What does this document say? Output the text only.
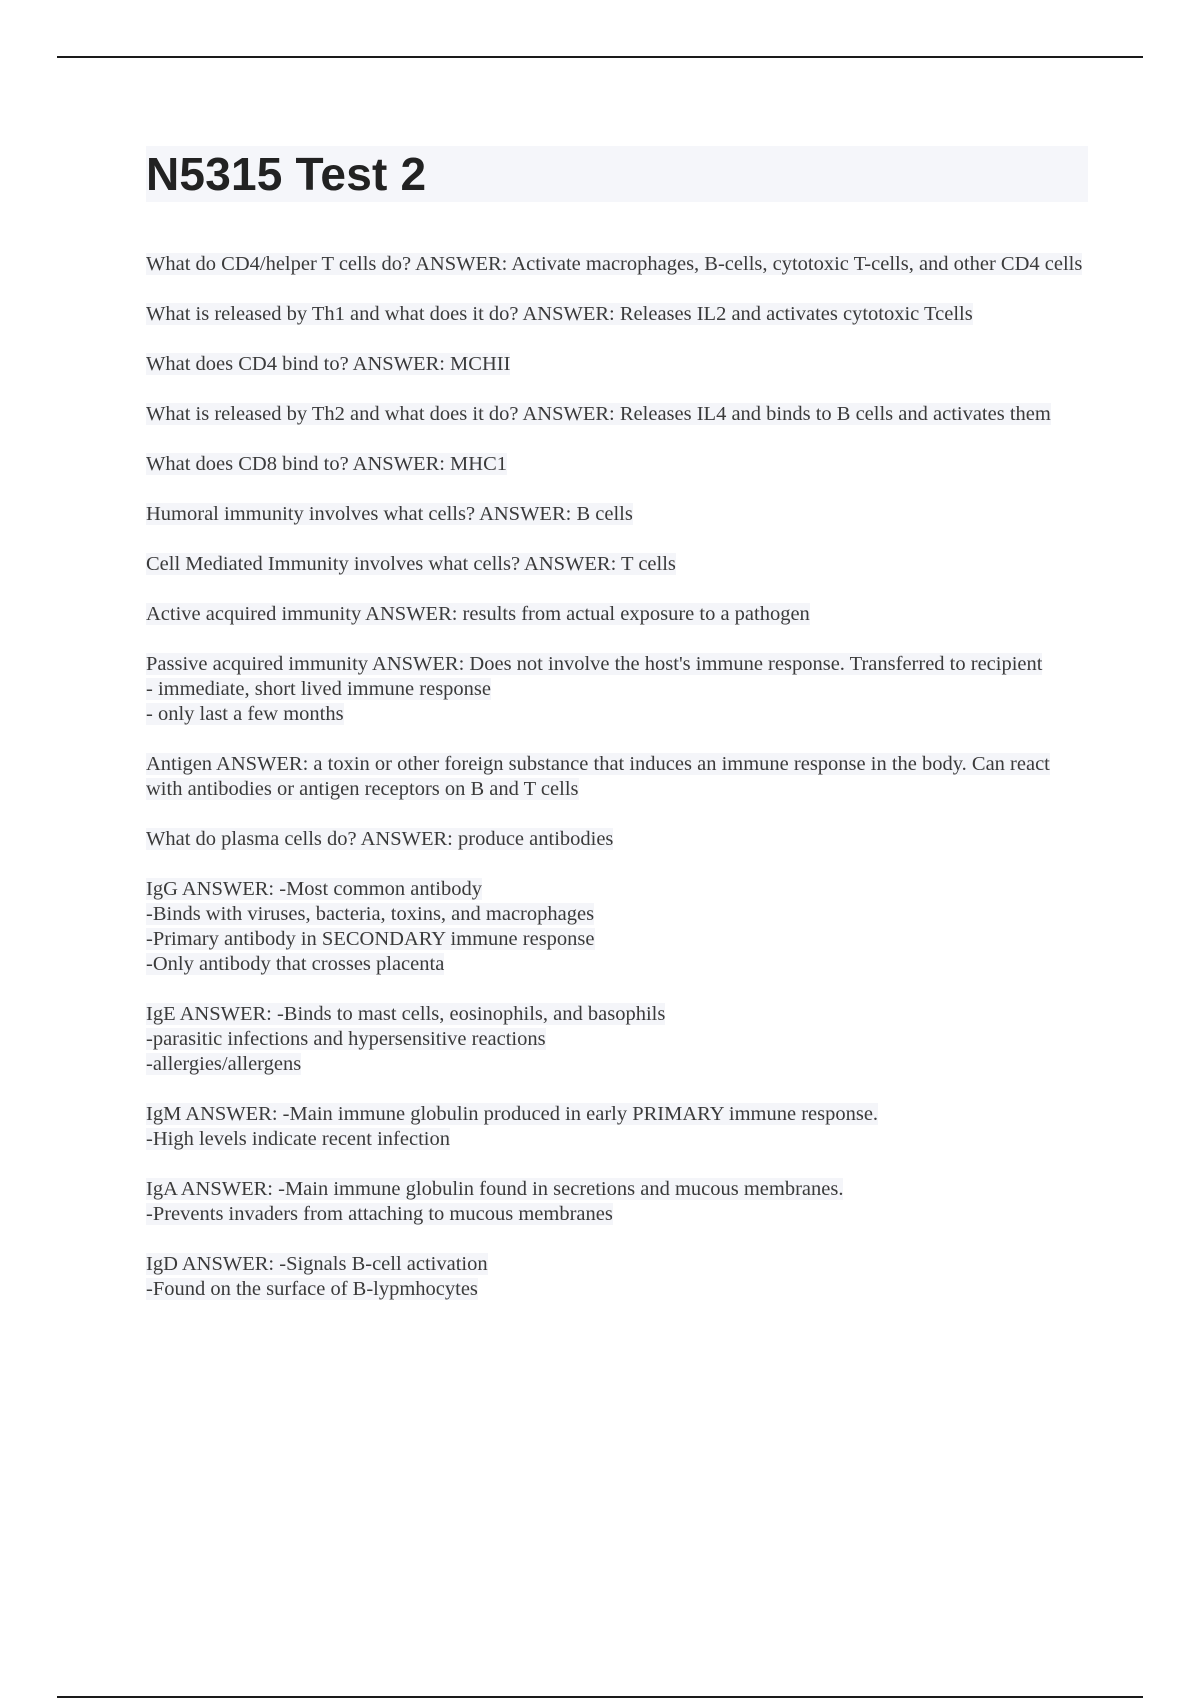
N5315 Test 2
What do CD4/helper T cells do? ANSWER: Activate macrophages, B-cells, cytotoxic T-cells, and other CD4 cells
What is released by Th1 and what does it do? ANSWER: Releases IL2 and activates cytotoxic Tcells
What does CD4 bind to? ANSWER: MCHII
What is released by Th2 and what does it do? ANSWER: Releases IL4 and binds to B cells and activates them
What does CD8 bind to? ANSWER: MHC1
Humoral immunity involves what cells? ANSWER: B cells
Cell Mediated Immunity involves what cells? ANSWER: T cells
Active acquired immunity ANSWER: results from actual exposure to a pathogen
Passive acquired immunity ANSWER: Does not involve the host's immune response. Transferred to recipient
- immediate, short lived immune response
- only last a few months
Antigen ANSWER: a toxin or other foreign substance that induces an immune response in the body. Can react with antibodies or antigen receptors on B and T cells
What do plasma cells do? ANSWER: produce antibodies
IgG ANSWER: -Most common antibody
-Binds with viruses, bacteria, toxins, and macrophages
-Primary antibody in SECONDARY immune response
-Only antibody that crosses placenta
IgE ANSWER: -Binds to mast cells, eosinophils, and basophils
-parasitic infections and hypersensitive reactions
-allergies/allergens
IgM ANSWER: -Main immune globulin produced in early PRIMARY immune response.
-High levels indicate recent infection
IgA ANSWER: -Main immune globulin found in secretions and mucous membranes.
-Prevents invaders from attaching to mucous membranes
IgD ANSWER: -Signals B-cell activation
-Found on the surface of B-lypmhocytes
